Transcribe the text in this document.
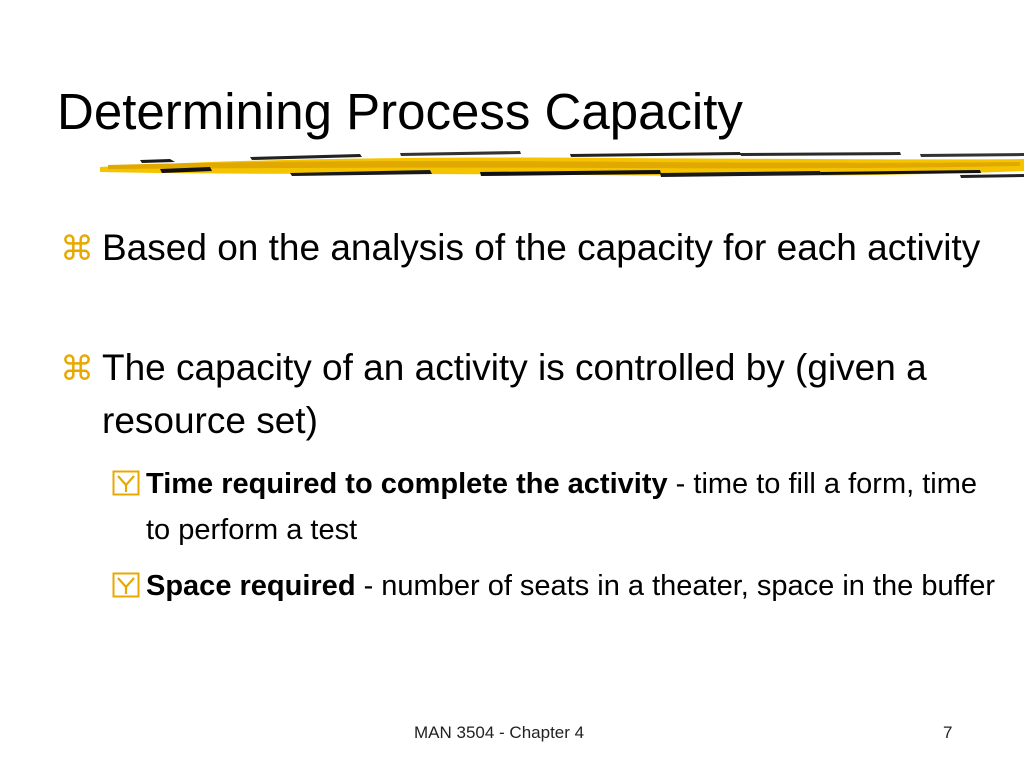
Determining Process Capacity
⌘ Based on the analysis of the capacity for each activity
⌘ The capacity of an activity is controlled by (given a resource set)
Time required to complete the activity - time to fill a form, time to perform a test
Space required - number of seats in a theater, space in the buffer
MAN 3504 - Chapter 4	7
